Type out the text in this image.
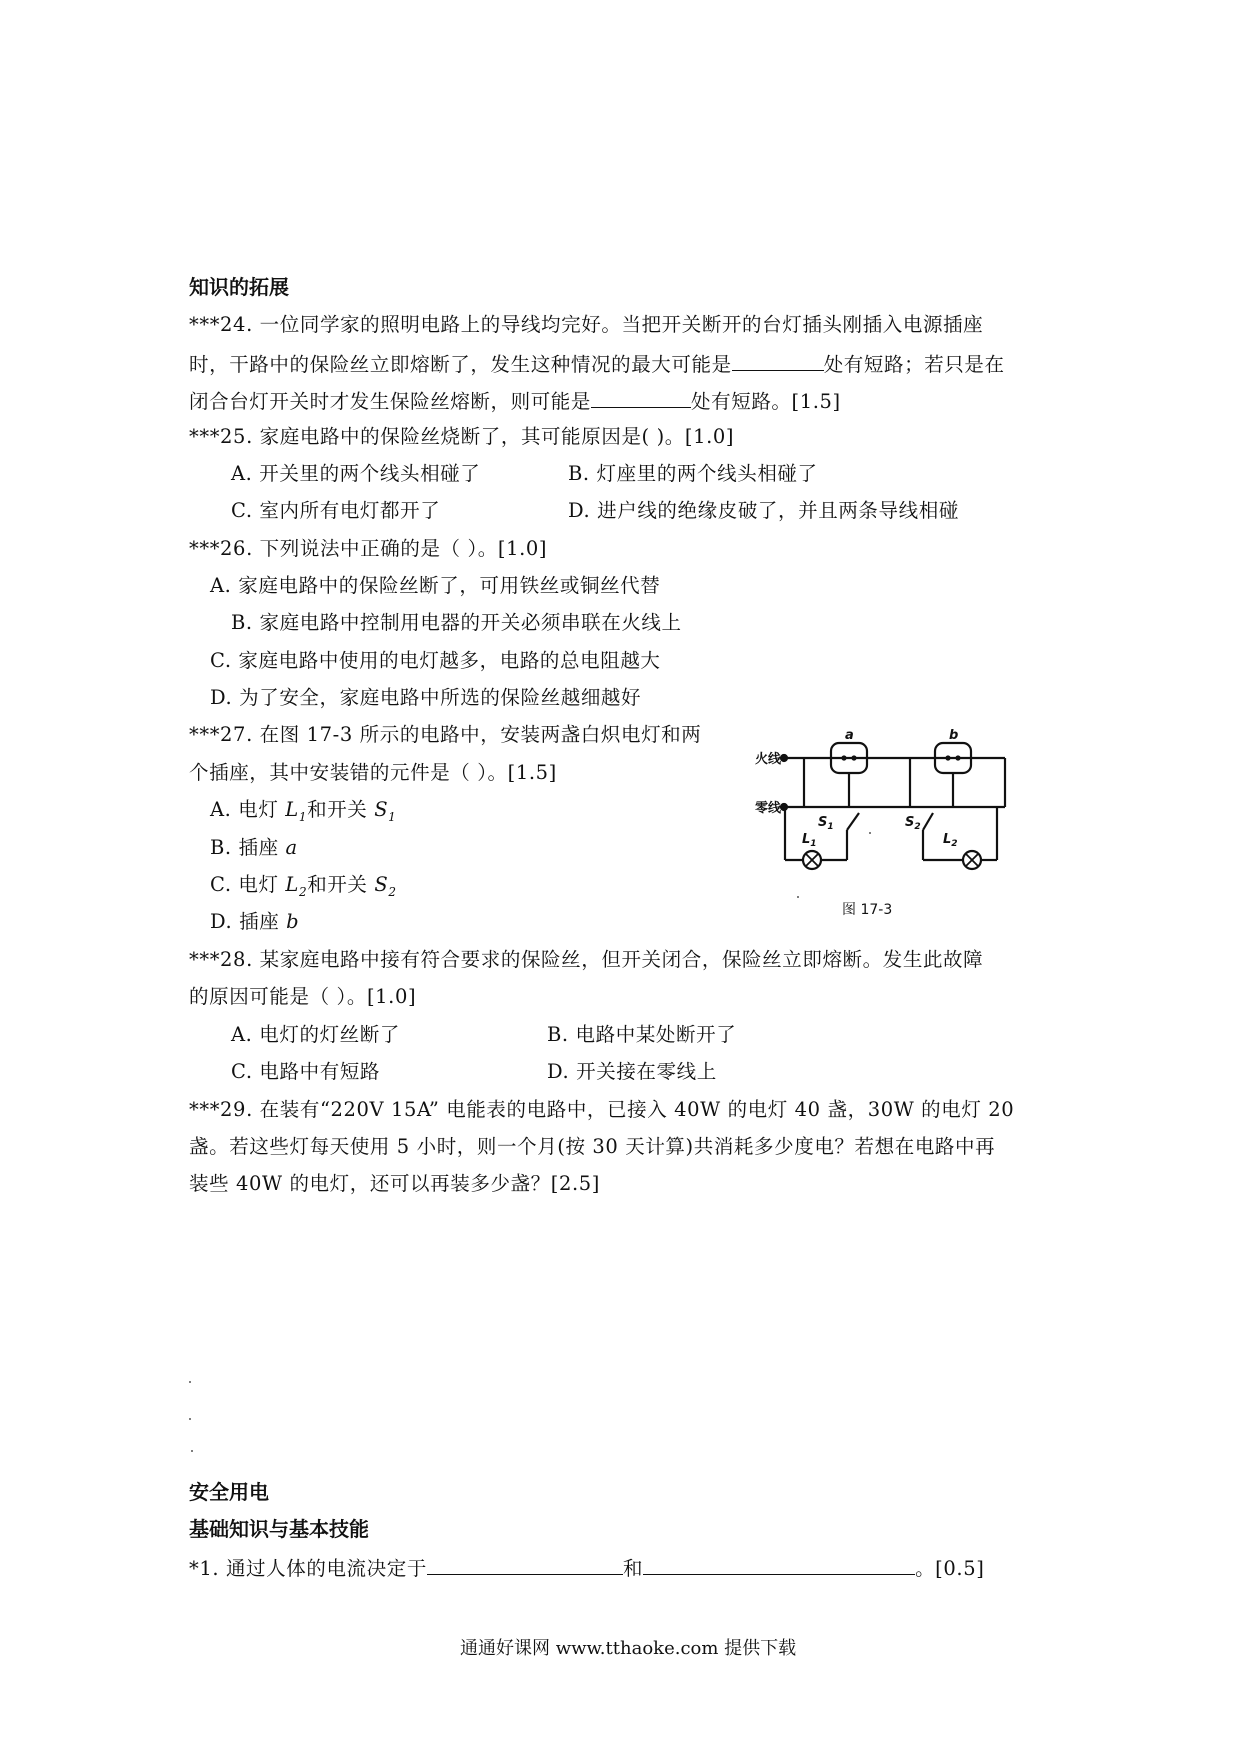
知识的拓展
***24. 一位同学家的照明电路上的导线均完好。当把开关断开的台灯插头刚插入电源插座
时，干路中的保险丝立即熔断了，发生这种情况的最大可能是	处有短路；若只是在
闭合台灯开关时才发生保险丝熔断，则可能是	处有短路。[1.5]
***25. 家庭电路中的保险丝烧断了，其可能原因是( )。[1.0]
A. 开关里的两个线头相碰了	B. 灯座里的两个线头相碰了
C. 室内所有电灯都开了	D. 进户线的绝缘皮破了，并且两条导线相碰
***26. 下列说法中正确的是（ ）。[1.0]
A. 家庭电路中的保险丝断了，可用铁丝或铜丝代替
B. 家庭电路中控制用电器的开关必须串联在火线上
C. 家庭电路中使用的电灯越多，电路的总电阻越大
D. 为了安全，家庭电路中所选的保险丝越细越好
***27. 在图 17-3 所示的电路中，安装两盏白炽电灯和两
个插座，其中安装错的元件是（ ）。[1.5]
A. 电灯 $L_1$和开关 $S_1$
B. 插座 a
C. 电灯 $L_2$和开关 $S_2$
D. 插座 b
火线
零线
a	b
$S_1$
$L_1$
$S_2$
$L_2$
图 17-3
***28. 某家庭电路中接有符合要求的保险丝，但开关闭合，保险丝立即熔断。发生此故障
的原因可能是（ ）。[1.0]
A. 电灯的灯丝断了	B. 电路中某处断开了
C. 电路中有短路	D. 开关接在零线上
***29. 在装有“220V 15A” 电能表的电路中，已接入 40W 的电灯 40 盏，30W 的电灯 20
盏。若这些灯每天使用 5 小时，则一个月(按 30 天计算)共消耗多少度电？若想在电路中再
装些 40W 的电灯，还可以再装多少盏？[2.5]
安全用电
基础知识与基本技能
*1. 通过人体的电流决定于	和	。[0.5]
通通好课网 www.tthaoke.com 提供下载
